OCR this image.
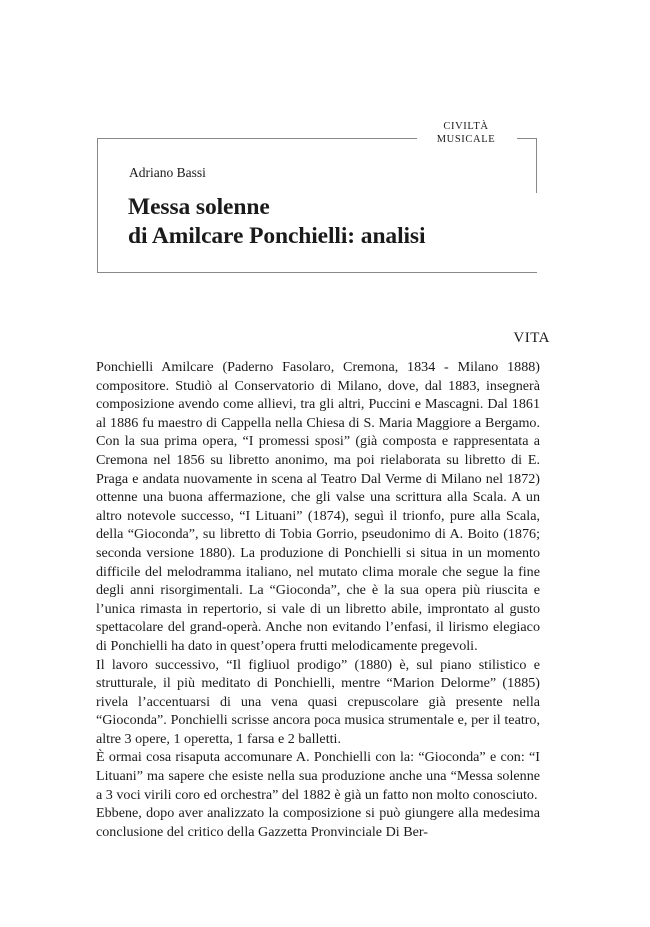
CIVILTÀ
MUSICALE
Adriano Bassi
Messa solenne
di Amilcare Ponchielli: analisi
VITA

Ponchielli Amilcare (Paderno Fasolaro, Cremona, 1834 - Milano 1888) compositore. Studiò al Conservatorio di Milano, dove, dal 1883, insegnerà composizione avendo come allievi, tra gli altri, Puccini e Mascagni. Dal 1861 al 1886 fu maestro di Cappella nella Chiesa di S. Maria Maggiore a Bergamo. Con la sua prima opera, “I promessi sposi” (già composta e rappresentata a Cremona nel 1856 su libretto anonimo, ma poi rielaborata su libretto di E. Praga e andata nuovamente in scena al Teatro Dal Verme di Milano nel 1872) ottenne una buona affermazione, che gli valse una scrittura alla Scala. A un altro notevole successo, “I Lituani” (1874), seguì il trionfo, pure alla Scala, della “Gioconda”, su libretto di Tobia Gorrio, pseudonimo di A. Boito (1876; seconda versione 1880). La produzione di Ponchielli si situa in un momento difficile del melodramma italiano, nel mutato clima morale che segue la fine degli anni risorgimentali. La “Gioconda”, che è la sua opera più riuscita e l’unica rimasta in repertorio, si vale di un libretto abile, improntato al gusto spettacolare del grand-operà. Anche non evitando l’enfasi, il lirismo elegiaco di Ponchielli ha dato in quest’opera frutti melodicamente pregevoli.

Il lavoro successivo, “Il figliuol prodigo” (1880) è, sul piano stilistico e strutturale, il più meditato di Ponchielli, mentre “Marion Delorme” (1885) rivela l’accentuarsi di una vena quasi crepuscolare già presente nella “Gioconda”. Ponchielli scrisse ancora poca musica strumentale e, per il teatro, altre 3 opere, 1 operetta, 1 farsa e 2 balletti.

È ormai cosa risaputa accomunare A. Ponchielli con la: “Gioconda” e con: “I Lituani” ma sapere che esiste nella sua produzione anche una “Messa solenne a 3 voci virili coro ed orchestra” del 1882 è già un fatto non molto conosciuto.

Ebbene, dopo aver analizzato la composizione si può giungere alla medesima conclusione del critico della Gazzetta Pronvinciale Di Ber-
